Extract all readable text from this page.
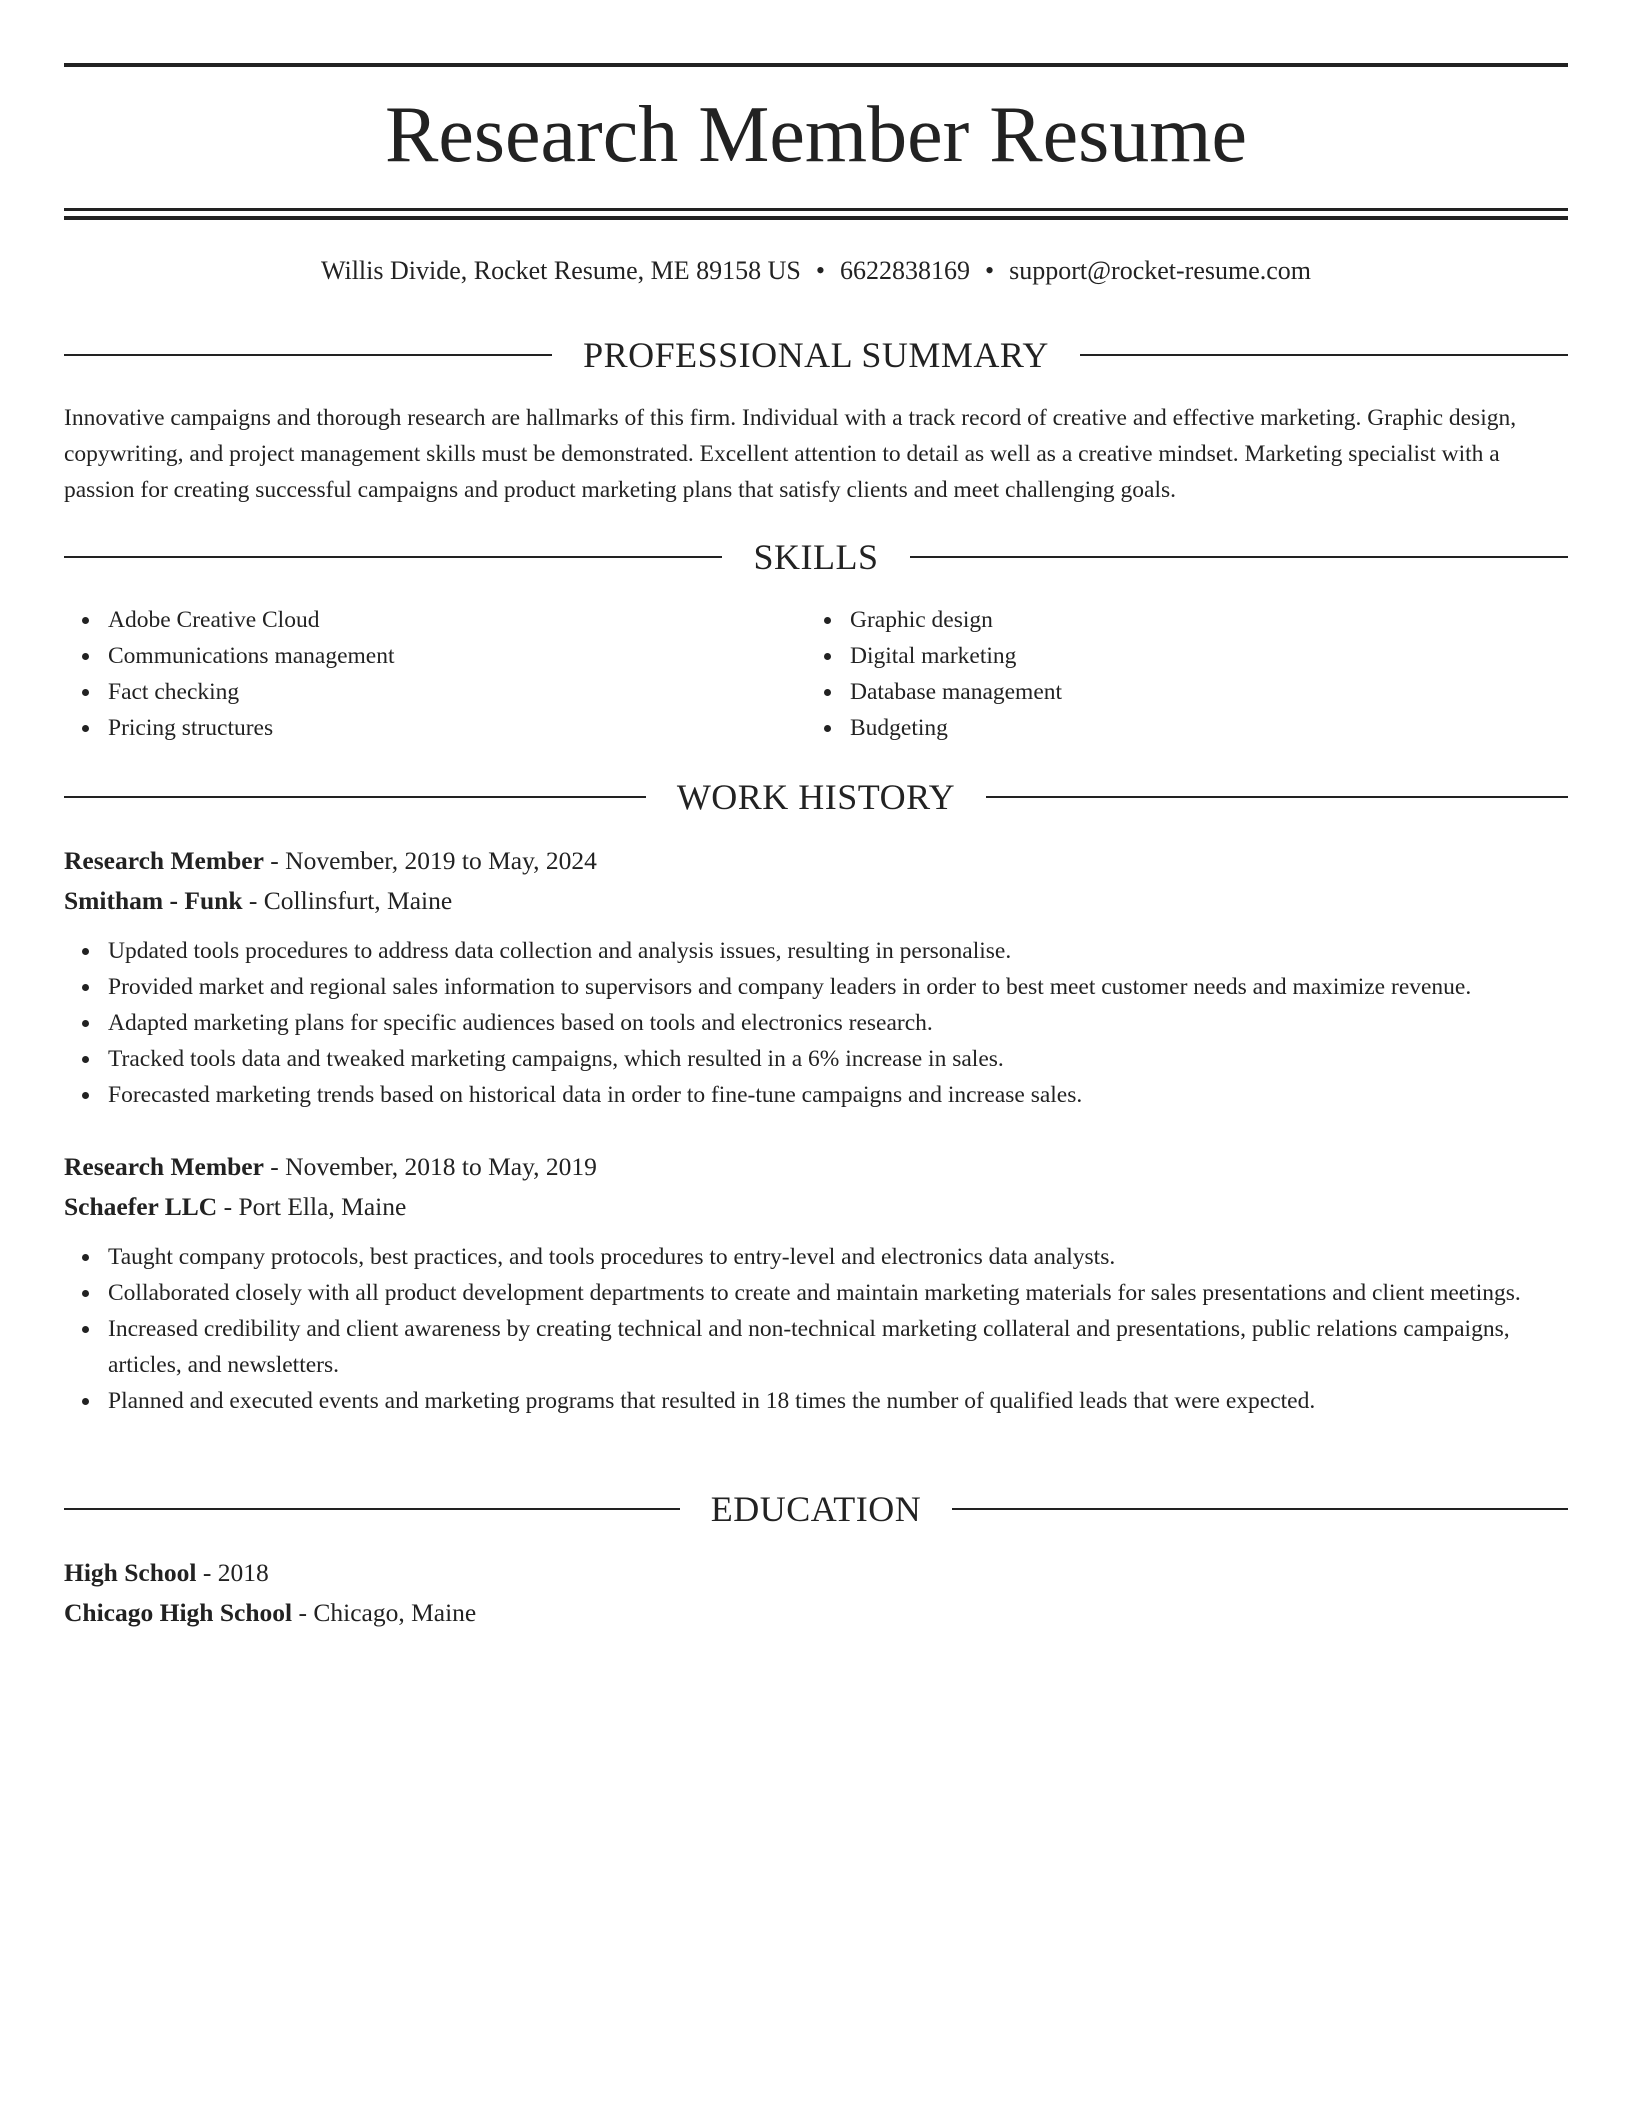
Research Member Resume
Willis Divide, Rocket Resume, ME 89158 US • 6622838169 • support@rocket-resume.com
PROFESSIONAL SUMMARY
Innovative campaigns and thorough research are hallmarks of this firm. Individual with a track record of creative and effective marketing. Graphic design, copywriting, and project management skills must be demonstrated. Excellent attention to detail as well as a creative mindset. Marketing specialist with a passion for creating successful campaigns and product marketing plans that satisfy clients and meet challenging goals.
SKILLS
Adobe Creative Cloud
Communications management
Fact checking
Pricing structures
Graphic design
Digital marketing
Database management
Budgeting
WORK HISTORY
Research Member - November, 2019 to May, 2024
Smitham - Funk - Collinsfurt, Maine
Updated tools procedures to address data collection and analysis issues, resulting in personalise.
Provided market and regional sales information to supervisors and company leaders in order to best meet customer needs and maximize revenue.
Adapted marketing plans for specific audiences based on tools and electronics research.
Tracked tools data and tweaked marketing campaigns, which resulted in a 6% increase in sales.
Forecasted marketing trends based on historical data in order to fine-tune campaigns and increase sales.
Research Member - November, 2018 to May, 2019
Schaefer LLC - Port Ella, Maine
Taught company protocols, best practices, and tools procedures to entry-level and electronics data analysts.
Collaborated closely with all product development departments to create and maintain marketing materials for sales presentations and client meetings.
Increased credibility and client awareness by creating technical and non-technical marketing collateral and presentations, public relations campaigns, articles, and newsletters.
Planned and executed events and marketing programs that resulted in 18 times the number of qualified leads that were expected.
EDUCATION
High School - 2018
Chicago High School - Chicago, Maine
